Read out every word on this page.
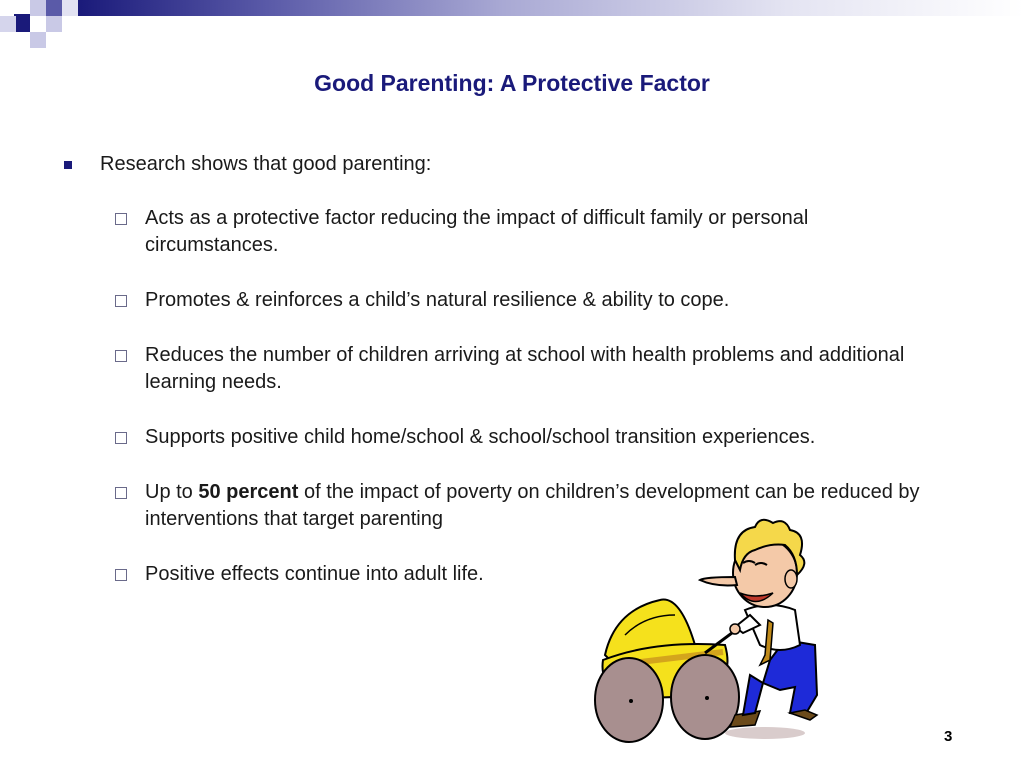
Good Parenting: A Protective Factor
Research shows that good parenting:
Acts as a protective factor reducing the impact of difficult family or personal circumstances.
Promotes & reinforces a child’s natural resilience & ability to cope.
Reduces the number of children arriving at school with health problems and additional learning needs.
Supports positive child home/school & school/school transition experiences.
Up to 50 percent of the impact of poverty on children’s development can be reduced by interventions that target parenting
Positive effects continue into adult life.
3
